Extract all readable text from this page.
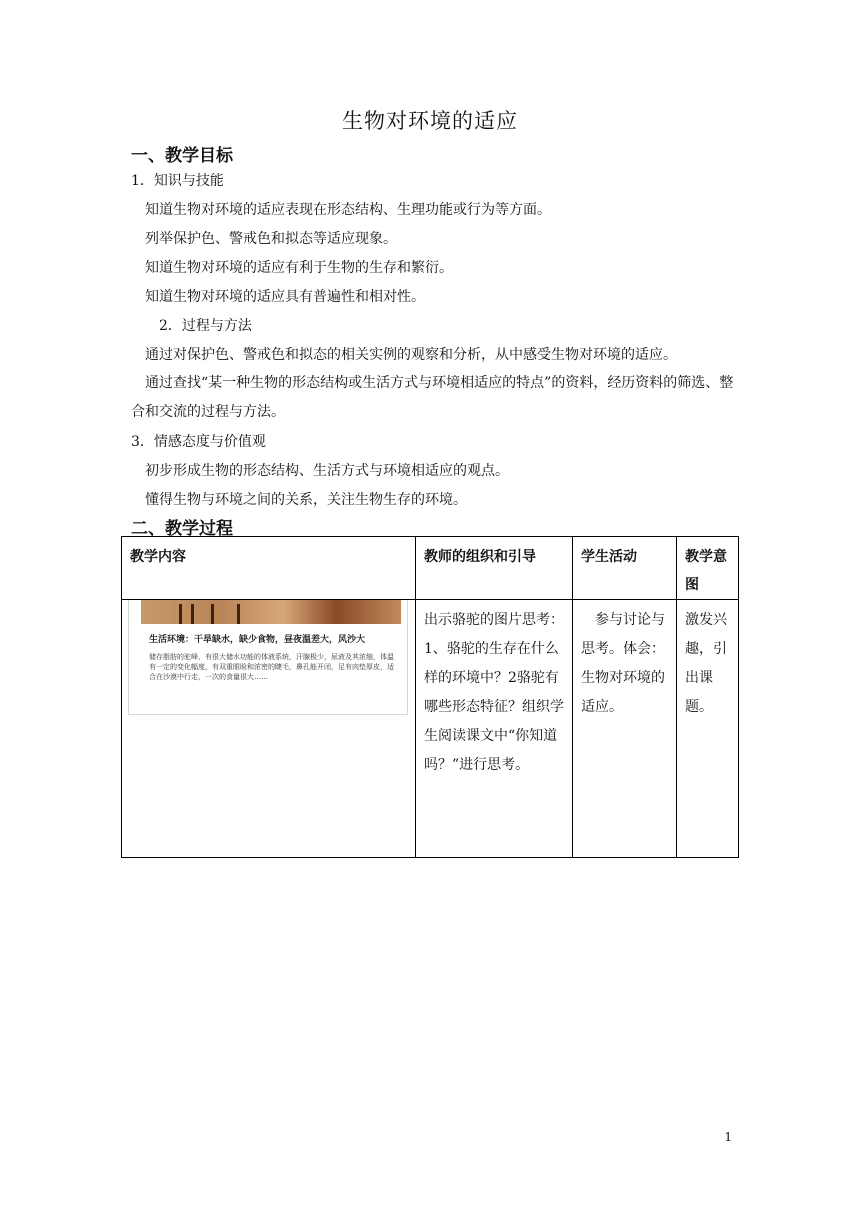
生物对环境的适应
一、教学目标
1．知识与技能
知道生物对环境的适应表现在形态结构、生理功能或行为等方面。
列举保护色、警戒色和拟态等适应现象。
知道生物对环境的适应有利于生物的生存和繁衍。
知道生物对环境的适应具有普遍性和相对性。
2．过程与方法
通过对保护色、警戒色和拟态的相关实例的观察和分析，从中感受生物对环境的适应。
通过查找“某一种生物的形态结构或生活方式与环境相适应的特点”的资料，经历资料的筛选、整合和交流的过程与方法。
3．情感态度与价值观
初步形成生物的形态结构、生活方式与环境相适应的观点。
懂得生物与环境之间的关系，关注生物生存的环境。
二、教学过程
教学内容	教师的组织和引导	学生活动	教学意图

生活环境：干旱缺水，缺少食物，昼夜温差大，风沙大
储存脂肪的驼峰，有很大储水功能的体液系统，汗腺极少，尿液及其浓缩，体温有一定的变化幅度，有双重眼睑和浓密的睫毛，鼻孔能开闭，足有肉垫厚皮，适合在沙漠中行走，一次的食量很大……	出示骆驼的图片思考：1、骆驼的生存在什么样的环境中？2骆驼有哪些形态特征？组织学生阅读课文中“你知道吗？”进行思考。	参与讨论与思考。体会：生物对环境的适应。	激发兴趣，引出课题。
1
